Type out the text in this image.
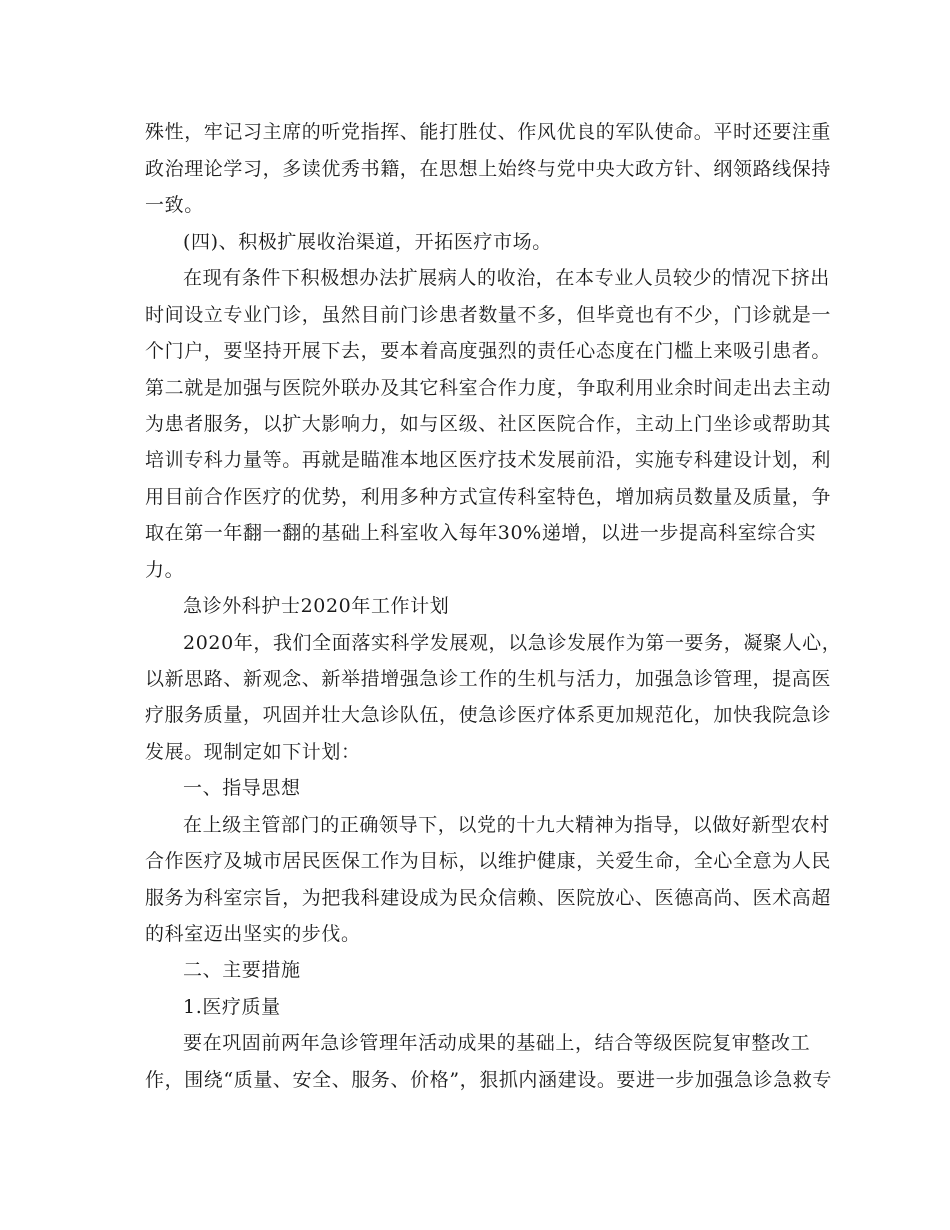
殊性，牢记习主席的听党指挥、能打胜仗、作风优良的军队使命。平时还要注重
政治理论学习，多读优秀书籍，在思想上始终与党中央大政方针、纲领路线保持
一致。
(四)、积极扩展收治渠道，开拓医疗市场。
在现有条件下积极想办法扩展病人的收治，在本专业人员较少的情况下挤出
时间设立专业门诊，虽然目前门诊患者数量不多，但毕竟也有不少，门诊就是一
个门户，要坚持开展下去，要本着高度强烈的责任心态度在门槛上来吸引患者。
第二就是加强与医院外联办及其它科室合作力度，争取利用业余时间走出去主动
为患者服务，以扩大影响力，如与区级、社区医院合作，主动上门坐诊或帮助其
培训专科力量等。再就是瞄准本地区医疗技术发展前沿，实施专科建设计划，利
用目前合作医疗的优势，利用多种方式宣传科室特色，增加病员数量及质量，争
取在第一年翻一翻的基础上科室收入每年30%递增，以进一步提高科室综合实
力。
急诊外科护士2020年工作计划
2020年，我们全面落实科学发展观，以急诊发展作为第一要务，凝聚人心，
以新思路、新观念、新举措增强急诊工作的生机与活力，加强急诊管理，提高医
疗服务质量，巩固并壮大急诊队伍，使急诊医疗体系更加规范化，加快我院急诊
发展。现制定如下计划：
一、指导思想
在上级主管部门的正确领导下，以党的十九大精神为指导，以做好新型农村
合作医疗及城市居民医保工作为目标，以维护健康，关爱生命，全心全意为人民
服务为科室宗旨，为把我科建设成为民众信赖、医院放心、医德高尚、医术高超
的科室迈出坚实的步伐。
二、主要措施
1.医疗质量
要在巩固前两年急诊管理年活动成果的基础上，结合等级医院复审整改工
作，围绕“质量、安全、服务、价格”，狠抓内涵建设。要进一步加强急诊急救专
